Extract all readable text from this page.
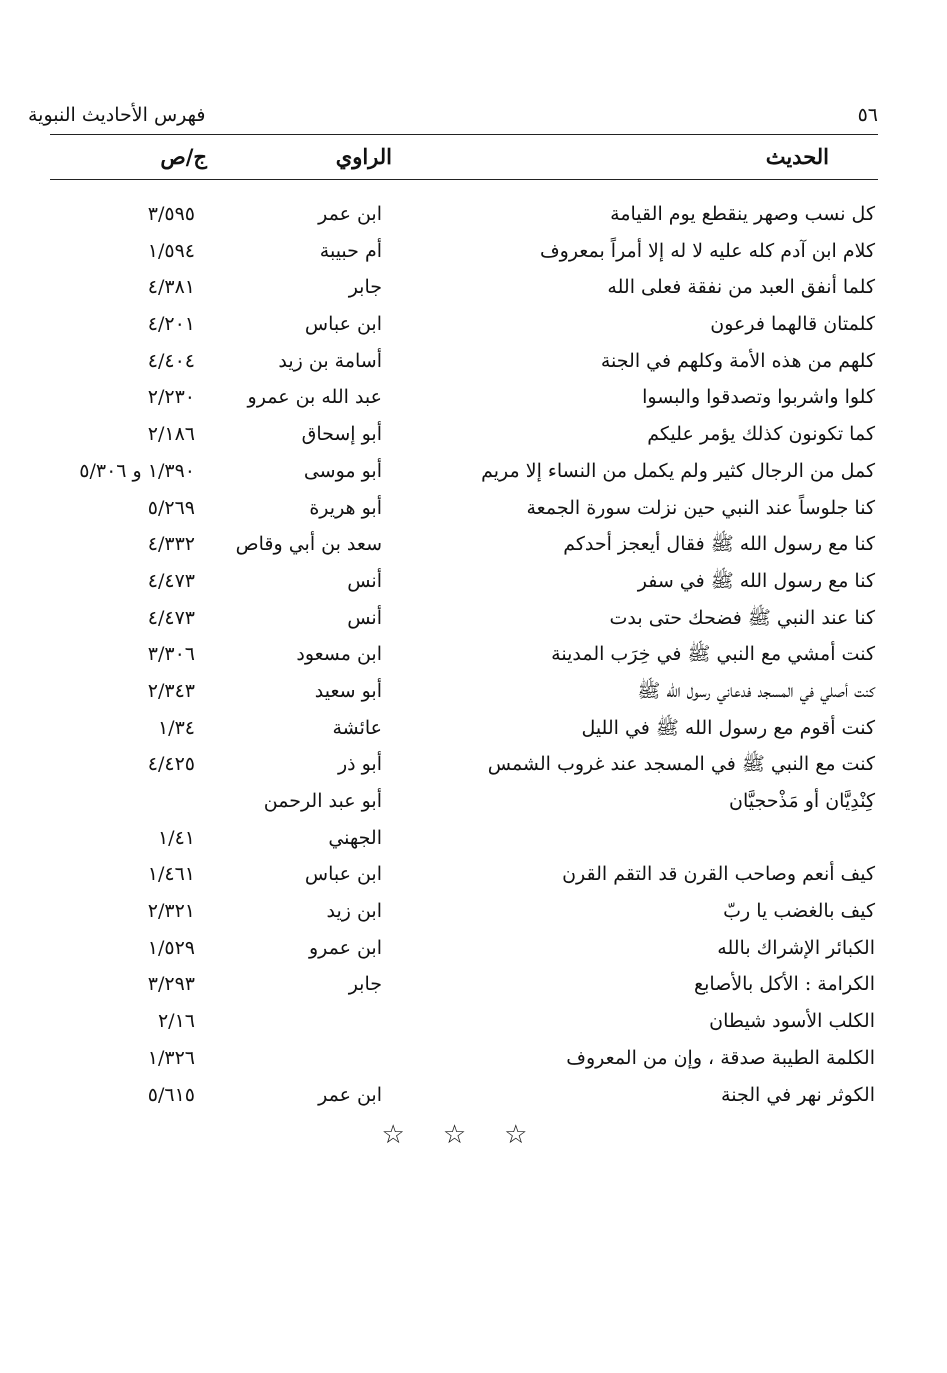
٥٦
فهرس الأحاديث النبوية
الحديث
الراوي
ج/ص
كل نسب وصهر ينقطع يوم القيامة
ابن عمر
٣/٥٩٥
كلام ابن آدم كله عليه لا له إلا أمراً بمعروف
أم حبيبة
١/٥٩٤
كلما أنفق العبد من نفقة فعلى الله
جابر
٤/٣٨١
كلمتان قالهما فرعون
ابن عباس
٤/٢٠١
كلهم من هذه الأمة وكلهم في الجنة
أسامة بن زيد
٤/٤٠٤
كلوا واشربوا وتصدقوا والبسوا
عبد الله بن عمرو
٢/٢٣٠
كما تكونون كذلك يؤمر عليكم
أبو إسحاق
٢/١٨٦
كمل من الرجال كثير ولم يكمل من النساء إلا مريم
أبو موسى
١/٣٩٠ و ٥/٣٠٦
كنا جلوساً عند النبي حين نزلت سورة الجمعة
أبو هريرة
٥/٢٦٩
كنا مع رسول الله ﷺ فقال أيعجز أحدكم
سعد بن أبي وقاص
٤/٣٣٢
كنا مع رسول الله ﷺ في سفر
أنس
٤/٤٧٣
كنا عند النبي ﷺ فضحك حتى بدت
أنس
٤/٤٧٣
كنت أمشي مع النبي ﷺ في خِرَب المدينة
ابن مسعود
٣/٣٠٦
كنت أصلي في المسجد فدعاني رسول الله ﷺ
أبو سعيد
٢/٣٤٣
كنت أقوم مع رسول الله ﷺ في الليل
عائشة
١/٣٤
كنت مع النبي ﷺ في المسجد عند غروب الشمس
أبو ذر
٤/٤٢٥
كِنْدِيَّان أو مَذْحجيَّان
أبو عبد الرحمن
الجهني
١/٤١
كيف أنعم وصاحب القرن قد التقم القرن
ابن عباس
١/٤٦١
كيف بالغضب يا ربّ
ابن زيد
٢/٣٢١
الكبائر الإشراك بالله
ابن عمرو
١/٥٢٩
الكرامة : الأكل بالأصابع
جابر
٣/٢٩٣
الكلب الأسود شيطان
٢/١٦
الكلمة الطيبة صدقة ، وإن من المعروف
١/٣٢٦
الكوثر نهر في الجنة
ابن عمر
٥/٦١٥
☆☆☆
